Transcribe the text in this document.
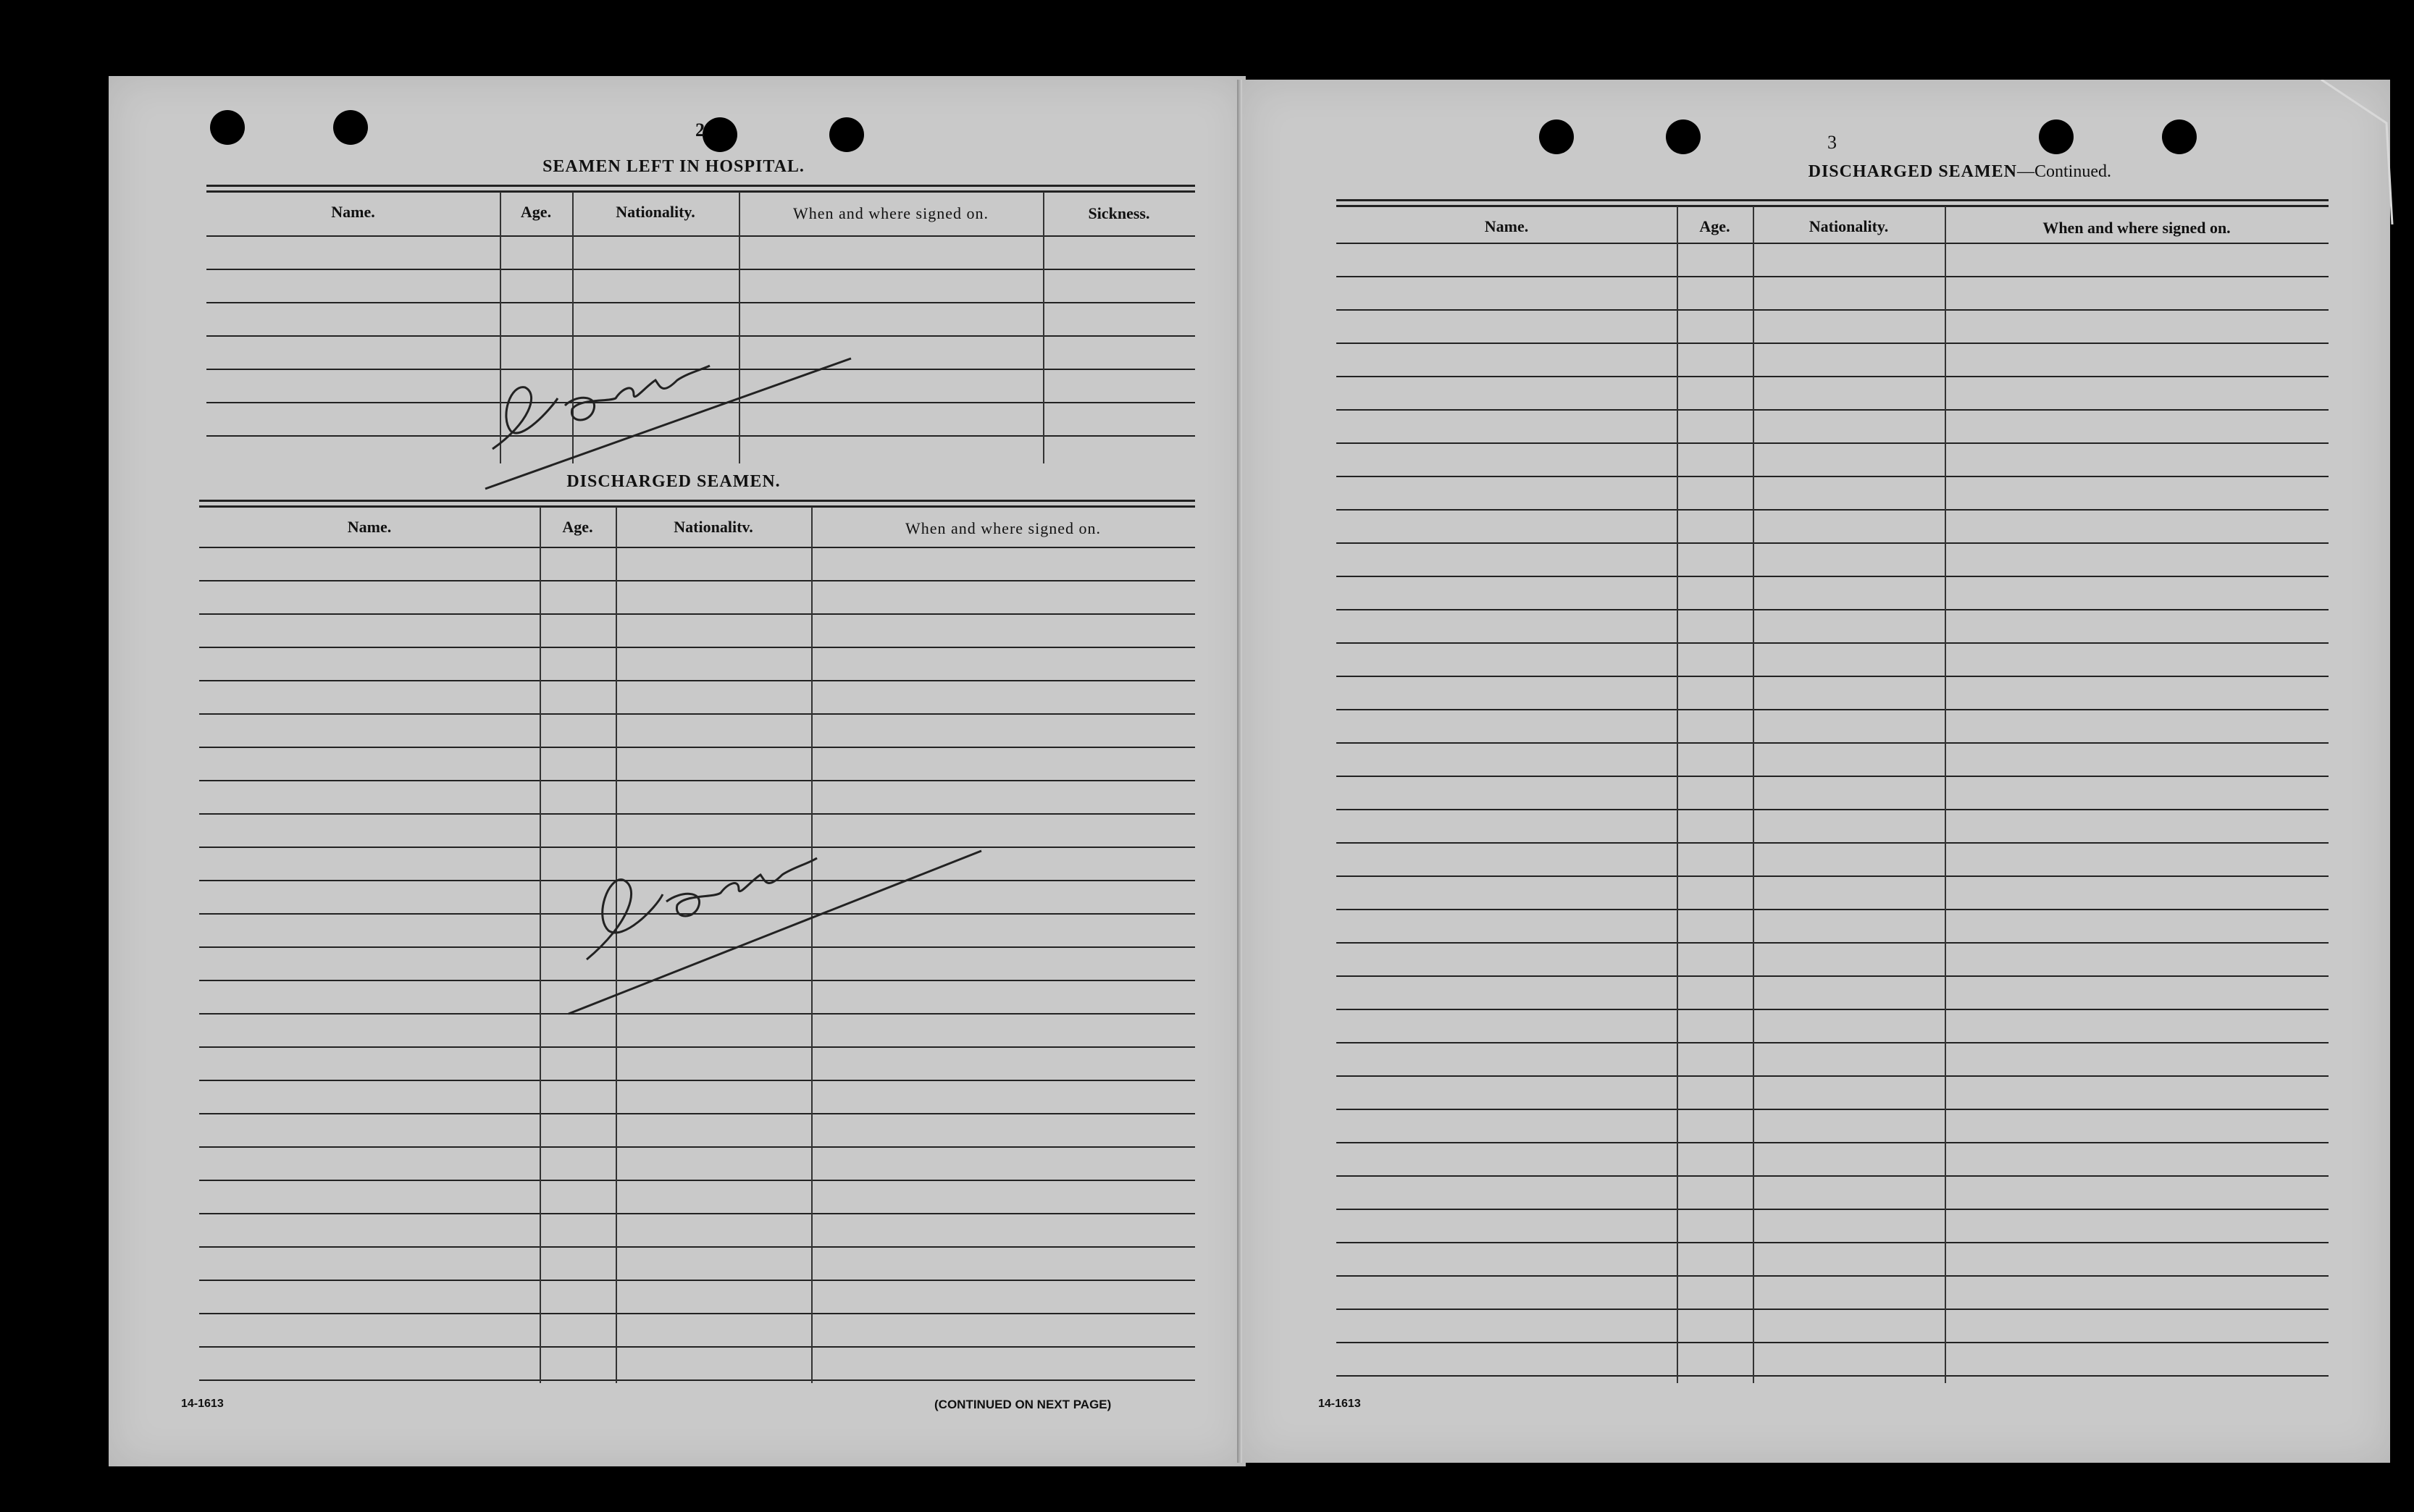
2
SEAMEN LEFT IN HOSPITAL.
Name.	Age.	Nationality.	When and where signed on.	Sickness.
None
DISCHARGED SEAMEN.
Name.	Age.	Nationalitv.	When and where signed on.
None
14-1613	(CONTINUED ON NEXT PAGE)
3
DISCHARGED SEAMEN—Continued.
Name.	Age.	Nationality.	When and where signed on.
14-1613
